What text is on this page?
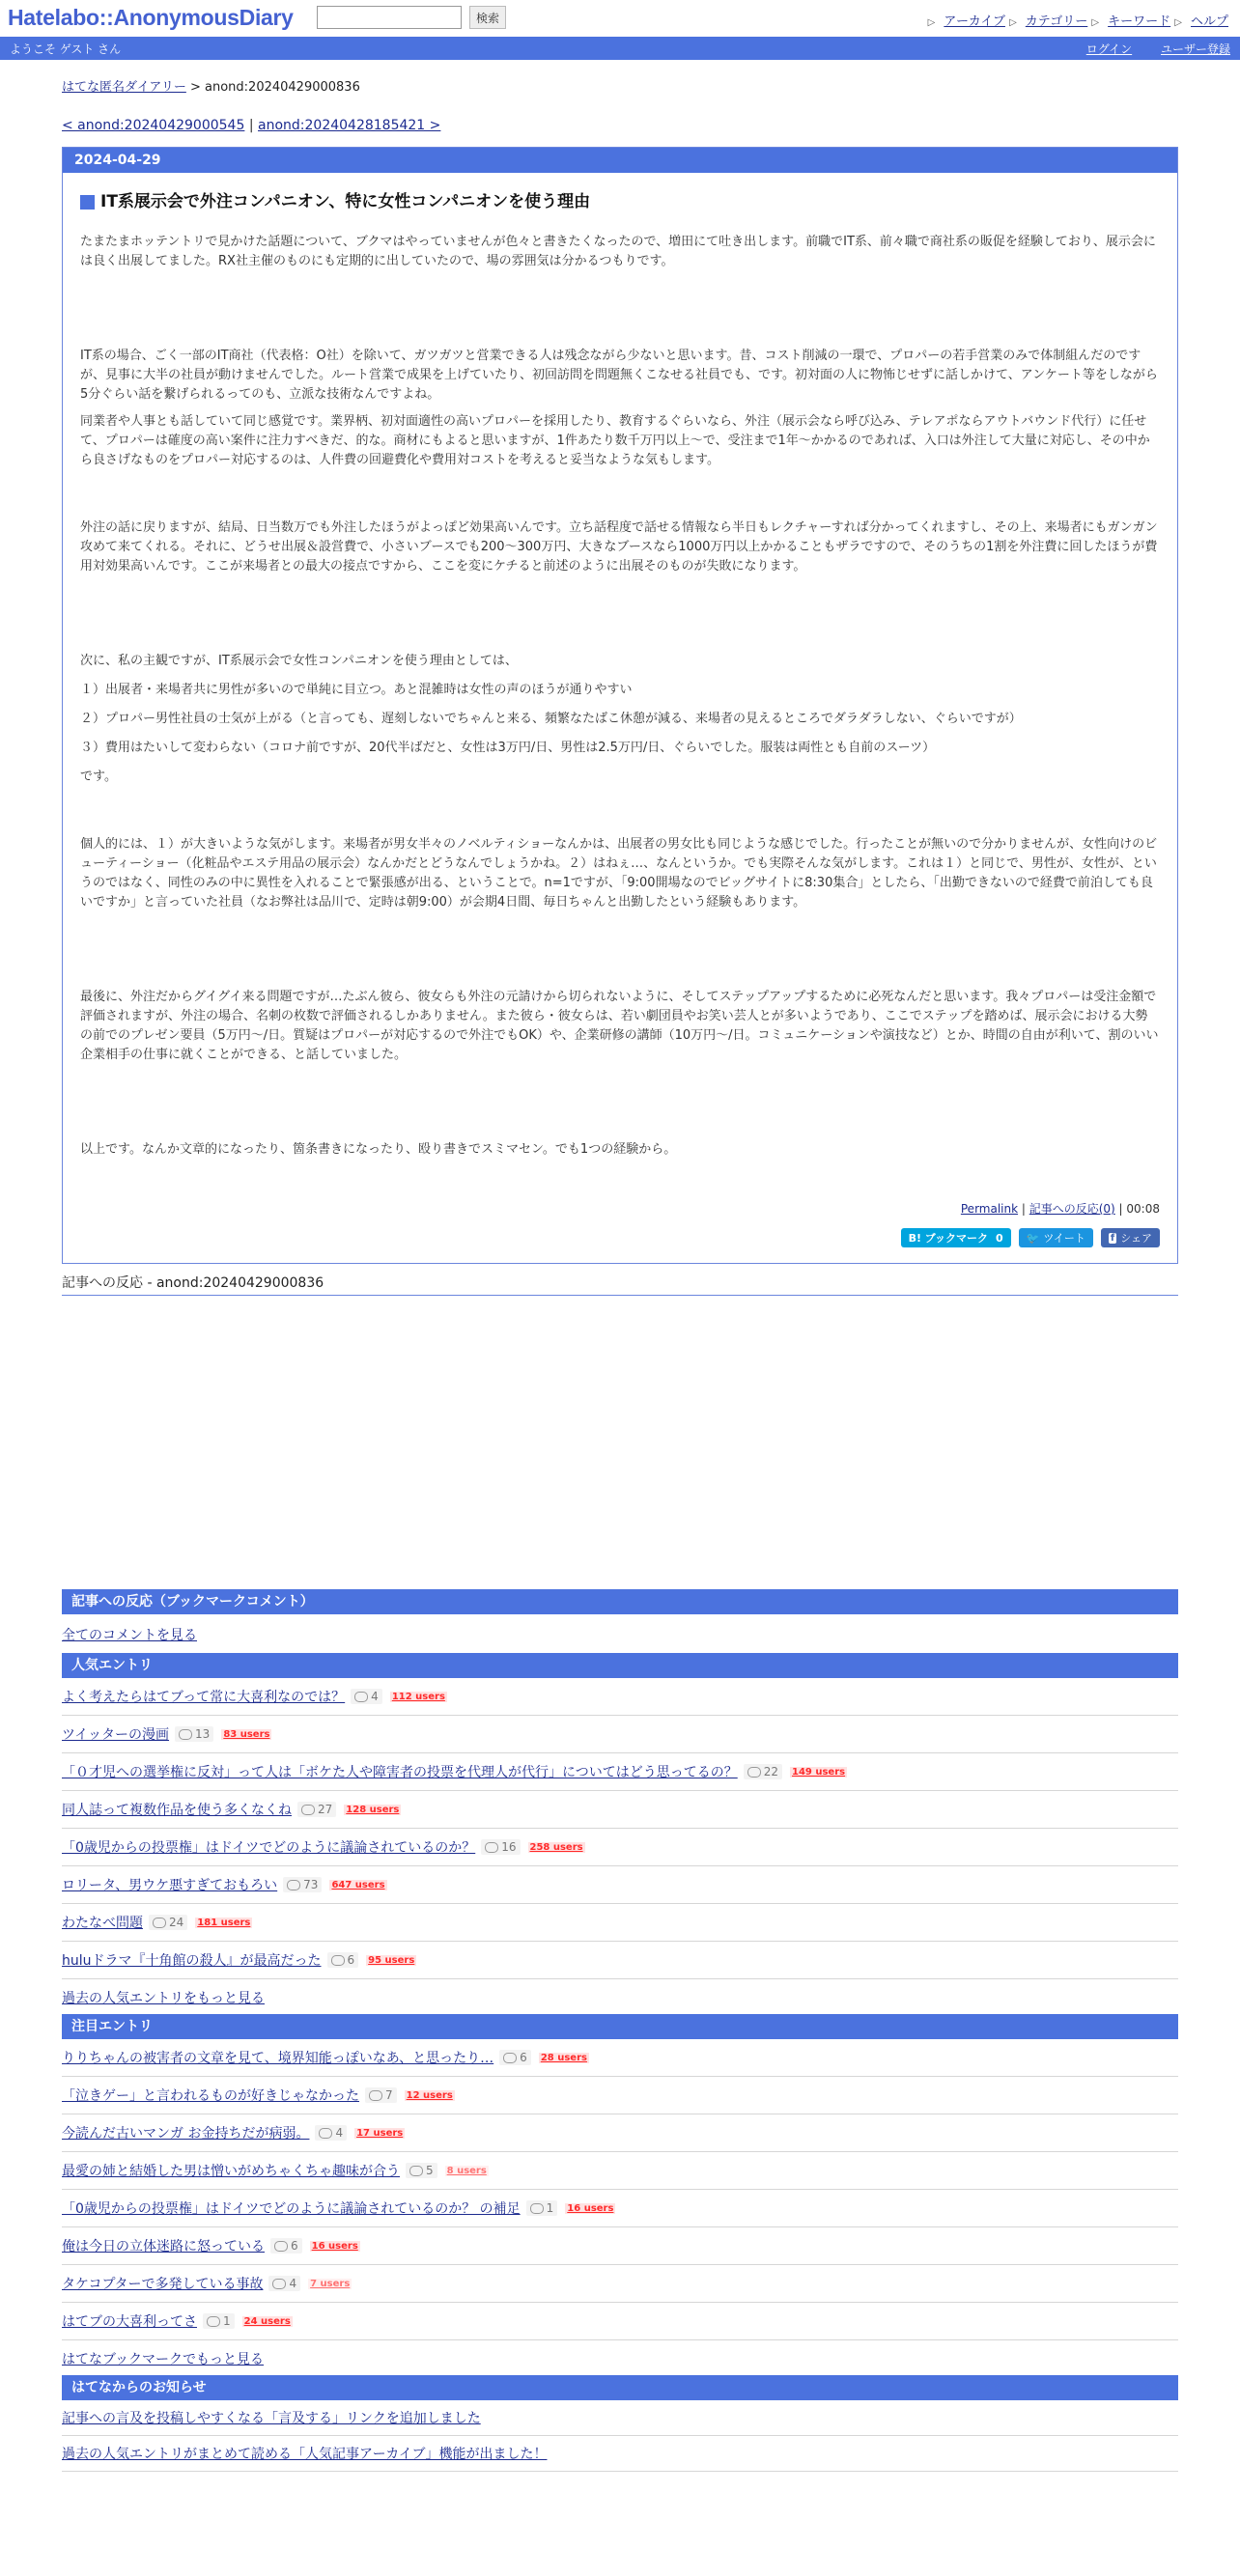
Hatelabo::AnonymousDiary	検索	▷ アーカイブ ▷ カテゴリー ▷ キーワード ▷ ヘルプ
ようこそ ゲスト さん	ログイン ユーザー登録
はてな匿名ダイアリー > anond:20240429000836
< anond:20240429000545 | anond:20240428185421 >
2024-04-29
IT系展示会で外注コンパニオン、特に女性コンパニオンを使う理由

たまたまホッテントリで見かけた話題について、ブクマはやっていませんが色々と書きたくなったので、増田にて吐き出します。前職でIT系、前々職で商社系の販促を経験しており、展示会には良く出展してました。RX社主催のものにも定期的に出していたので、場の雰囲気は分かるつもりです。

IT系の場合、ごく一部のIT商社（代表格：O社）を除いて、ガツガツと営業できる人は残念ながら少ないと思います。昔、コスト削減の一環で、プロパーの若手営業のみで体制組んだのですが、見事に大半の社員が動けませんでした。ルート営業で成果を上げていたり、初回訪問を問題無くこなせる社員でも、です。初対面の人に物怖じせずに話しかけて、アンケート等をしながら5分ぐらい話を繋げられるってのも、立派な技術なんですよね。

同業者や人事とも話していて同じ感覚です。業界柄、初対面適性の高いプロパーを採用したり、教育するぐらいなら、外注（展示会なら呼び込み、テレアポならアウトバウンド代行）に任せて、プロパーは確度の高い案件に注力すべきだ、的な。商材にもよると思いますが、1件あたり数千万円以上〜で、受注まで1年〜かかるのであれば、入口は外注して大量に対応し、その中から良さげなものをプロパー対応するのは、人件費の回避費化や費用対コストを考えると妥当なような気もします。

外注の話に戻りますが、結局、日当数万でも外注したほうがよっぽど効果高いんです。立ち話程度で話せる情報なら半日もレクチャーすれば分かってくれますし、その上、来場者にもガンガン攻めて来てくれる。それに、どうせ出展＆設営費で、小さいブースでも200〜300万円、大きなブースなら1000万円以上かかることもザラですので、そのうちの1割を外注費に回したほうが費用対効果高いんです。ここが来場者との最大の接点ですから、ここを変にケチると前述のように出展そのものが失敗になります。

次に、私の主観ですが、IT系展示会で女性コンパニオンを使う理由としては、

１）出展者・来場者共に男性が多いので単純に目立つ。あと混雑時は女性の声のほうが通りやすい

２）プロパー男性社員の士気が上がる（と言っても、遅刻しないでちゃんと来る、頻繁なたばこ休憩が減る、来場者の見えるところでダラダラしない、ぐらいですが）

３）費用はたいして変わらない（コロナ前ですが、20代半ばだと、女性は3万円/日、男性は2.5万円/日、ぐらいでした。服装は両性とも自前のスーツ）

です。

個人的には、１）が大きいような気がします。来場者が男女半々のノベルティショーなんかは、出展者の男女比も同じような感じでした。行ったことが無いので分かりませんが、女性向けのビューティーショー（化粧品やエステ用品の展示会）なんかだとどうなんでしょうかね。２）はねぇ…、なんというか。でも実際そんな気がします。これは１）と同じで、男性が、女性が、というのではなく、同性のみの中に異性を入れることで緊張感が出る、ということで。n=1ですが、「9:00開場なのでビッグサイトに8:30集合」としたら、「出勤できないので経費で前泊しても良いですか」と言っていた社員（なお弊社は品川で、定時は朝9:00）が会期4日間、毎日ちゃんと出勤したという経験もあります。

最後に、外注だからグイグイ来る問題ですが…たぶん彼ら、彼女らも外注の元請けから切られないように、そしてステップアップするために必死なんだと思います。我々プロパーは受注金額で評価されますが、外注の場合、名刺の枚数で評価されるしかありません。また彼ら・彼女らは、若い劇団員やお笑い芸人とが多いようであり、ここでステップを踏めば、展示会における大勢の前でのプレゼン要員（5万円〜/日。質疑はプロパーが対応するので外注でもOK）や、企業研修の講師（10万円〜/日。コミュニケーションや演技など）とか、時間の自由が利いて、割のいい企業相手の仕事に就くことができる、と話していました。

以上です。なんか文章的になったり、箇条書きになったり、殴り書きでスミマセン。でも1つの経験から。

Permalink | 記事への反応(0) | 00:08
B! ブックマーク 0 🐦 ツイート	f シェア
記事への反応 - anond:20240429000836
記事への反応（ブックマークコメント）
全てのコメントを見る
人気エントリ
よく考えたらはてブって常に大喜利なのでは？ 4 112 users
ツイッターの漫画 13 83 users
「０才児への選挙権に反対」って人は「ボケた人や障害者の投票を代理人が代行」についてはどう思ってるの？ 22 149 users
同人誌って複数作品を使う多くなくね 27 128 users
「0歳児からの投票権」はドイツでどのように議論されているのか？ 16 258 users
ロリータ、男ウケ悪すぎておもろい 73 647 users
わたなべ問題 24 181 users
huluドラマ『十角館の殺人』が最高だった 6 95 users
過去の人気エントリをもっと見る
注目エントリ
りりちゃんの被害者の文章を見て、境界知能っぽいなあ、と思ったり… 6 28 users
「泣きゲー」と言われるものが好きじゃなかった 7 12 users
今読んだ古いマンガ お金持ちだが病弱。 4 17 users
最愛の姉と結婚した男は憎いがめちゃくちゃ趣味が合う 5 8 users
「0歳児からの投票権」はドイツでどのように議論されているのか？ の補足 1 16 users
俺は今日の立体迷路に怒っている 6 16 users
タケコプターで多発している事故 4 7 users
はてブの大喜利ってさ 1 24 users
はてなブックマークでもっと見る
はてなからのお知らせ
記事への言及を投稿しやすくなる「言及する」リンクを追加しました
過去の人気エントリがまとめて読める「人気記事アーカイブ」機能が出ました！
